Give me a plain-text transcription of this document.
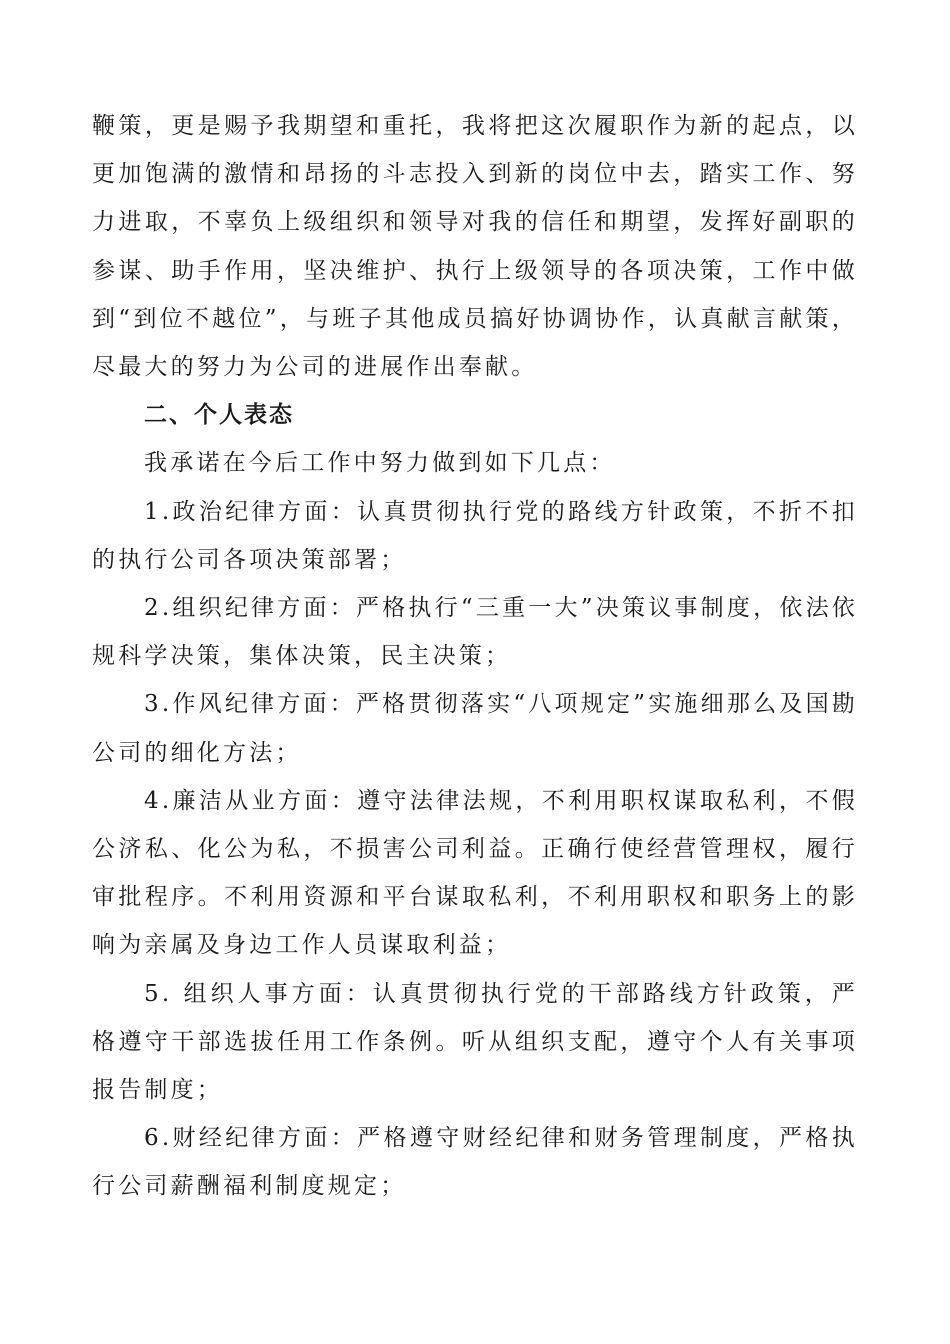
鞭策，更是赐予我期望和重托，我将把这次履职作为新的起点，以更加饱满的激情和昂扬的斗志投入到新的岗位中去，踏实工作、努力进取，不辜负上级组织和领导对我的信任和期望，发挥好副职的参谋、助手作用，坚决维护、执行上级领导的各项决策，工作中做到“到位不越位”，与班子其他成员搞好协调协作，认真献言献策，尽最大的努力为公司的进展作出奉献。

二、个人表态

我承诺在今后工作中努力做到如下几点：

1.政治纪律方面：认真贯彻执行党的路线方针政策，不折不扣的执行公司各项决策部署；

2.组织纪律方面：严格执行“三重一大”决策议事制度，依法依规科学决策，集体决策，民主决策；

3.作风纪律方面：严格贯彻落实“八项规定”实施细那么及国勘公司的细化方法；

4.廉洁从业方面：遵守法律法规，不利用职权谋取私利，不假公济私、化公为私，不损害公司利益。正确行使经营管理权，履行审批程序。不利用资源和平台谋取私利，不利用职权和职务上的影响为亲属及身边工作人员谋取利益；

5. 组织人事方面：认真贯彻执行党的干部路线方针政策，严格遵守干部选拔任用工作条例。听从组织支配，遵守个人有关事项报告制度；

6.财经纪律方面：严格遵守财经纪律和财务管理制度，严格执行公司薪酬福利制度规定；
